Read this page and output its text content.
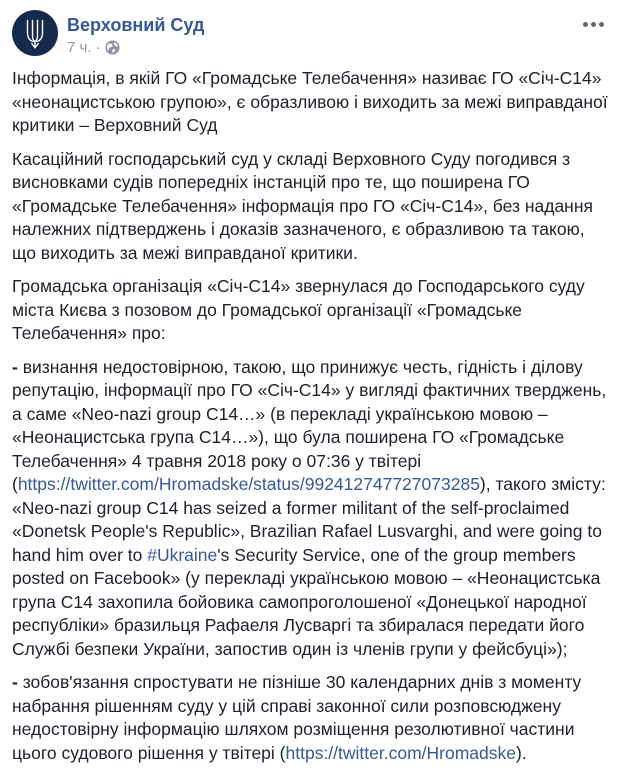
Верховний Суд
7 ч. ·

Інформація, в якій ГО «Громадське Телебачення» називає ГО «Січ-С14» «неонацистською групою», є образливою і виходить за межі виправданої критики – Верховний Суд

Касаційний господарський суд у складі Верховного Суду погодився з висновками судів попередніх інстанцій про те, що поширена ГО «Громадське Телебачення» інформація про ГО «Січ-С14», без надання належних підтверджень і доказів зазначеного, є образливою та такою, що виходить за межі виправданої критики.

Громадська організація «Січ-С14» звернулася до Господарського суду міста Києва з позовом до Громадської організації «Громадське Телебачення» про:

- визнання недостовірною, такою, що принижує честь, гідність і ділову репутацію, інформації про ГО «Січ-С14» у вигляді фактичних тверджень, а саме «Neo-nazi group C14…» (в перекладі українською мовою – «Неонацистська група С14…»), що була поширена ГО «Громадське Телебачення» 4 травня 2018 року о 07:36 у твітері (https://twitter.com/Hromadske/status/992412747727073285), такого змісту: «Neo-nazi group C14 has seized a former militant of the self-proclaimed «Donetsk People's Republic», Brazilian Rafael Lusvarghi, and were going to hand him over to #Ukraine's Security Service, one of the group members posted on Facebook» (у перекладі українською мовою – «Неонацистська група С14 захопила бойовика самопроголошеної «Донецької народної республіки» бразильця Рафаеля Лусваргі та збиралася передати його Службі безпеки України, запостив один із членів групи у фейсбуці»);

- зобов'язання спростувати не пізніше 30 календарних днів з моменту набрання рішенням суду у цій справі законної сили розповсюджену недостовірну інформацію шляхом розміщення резолютивної частини цього судового рішення у твітері (https://twitter.com/Hromadske).
